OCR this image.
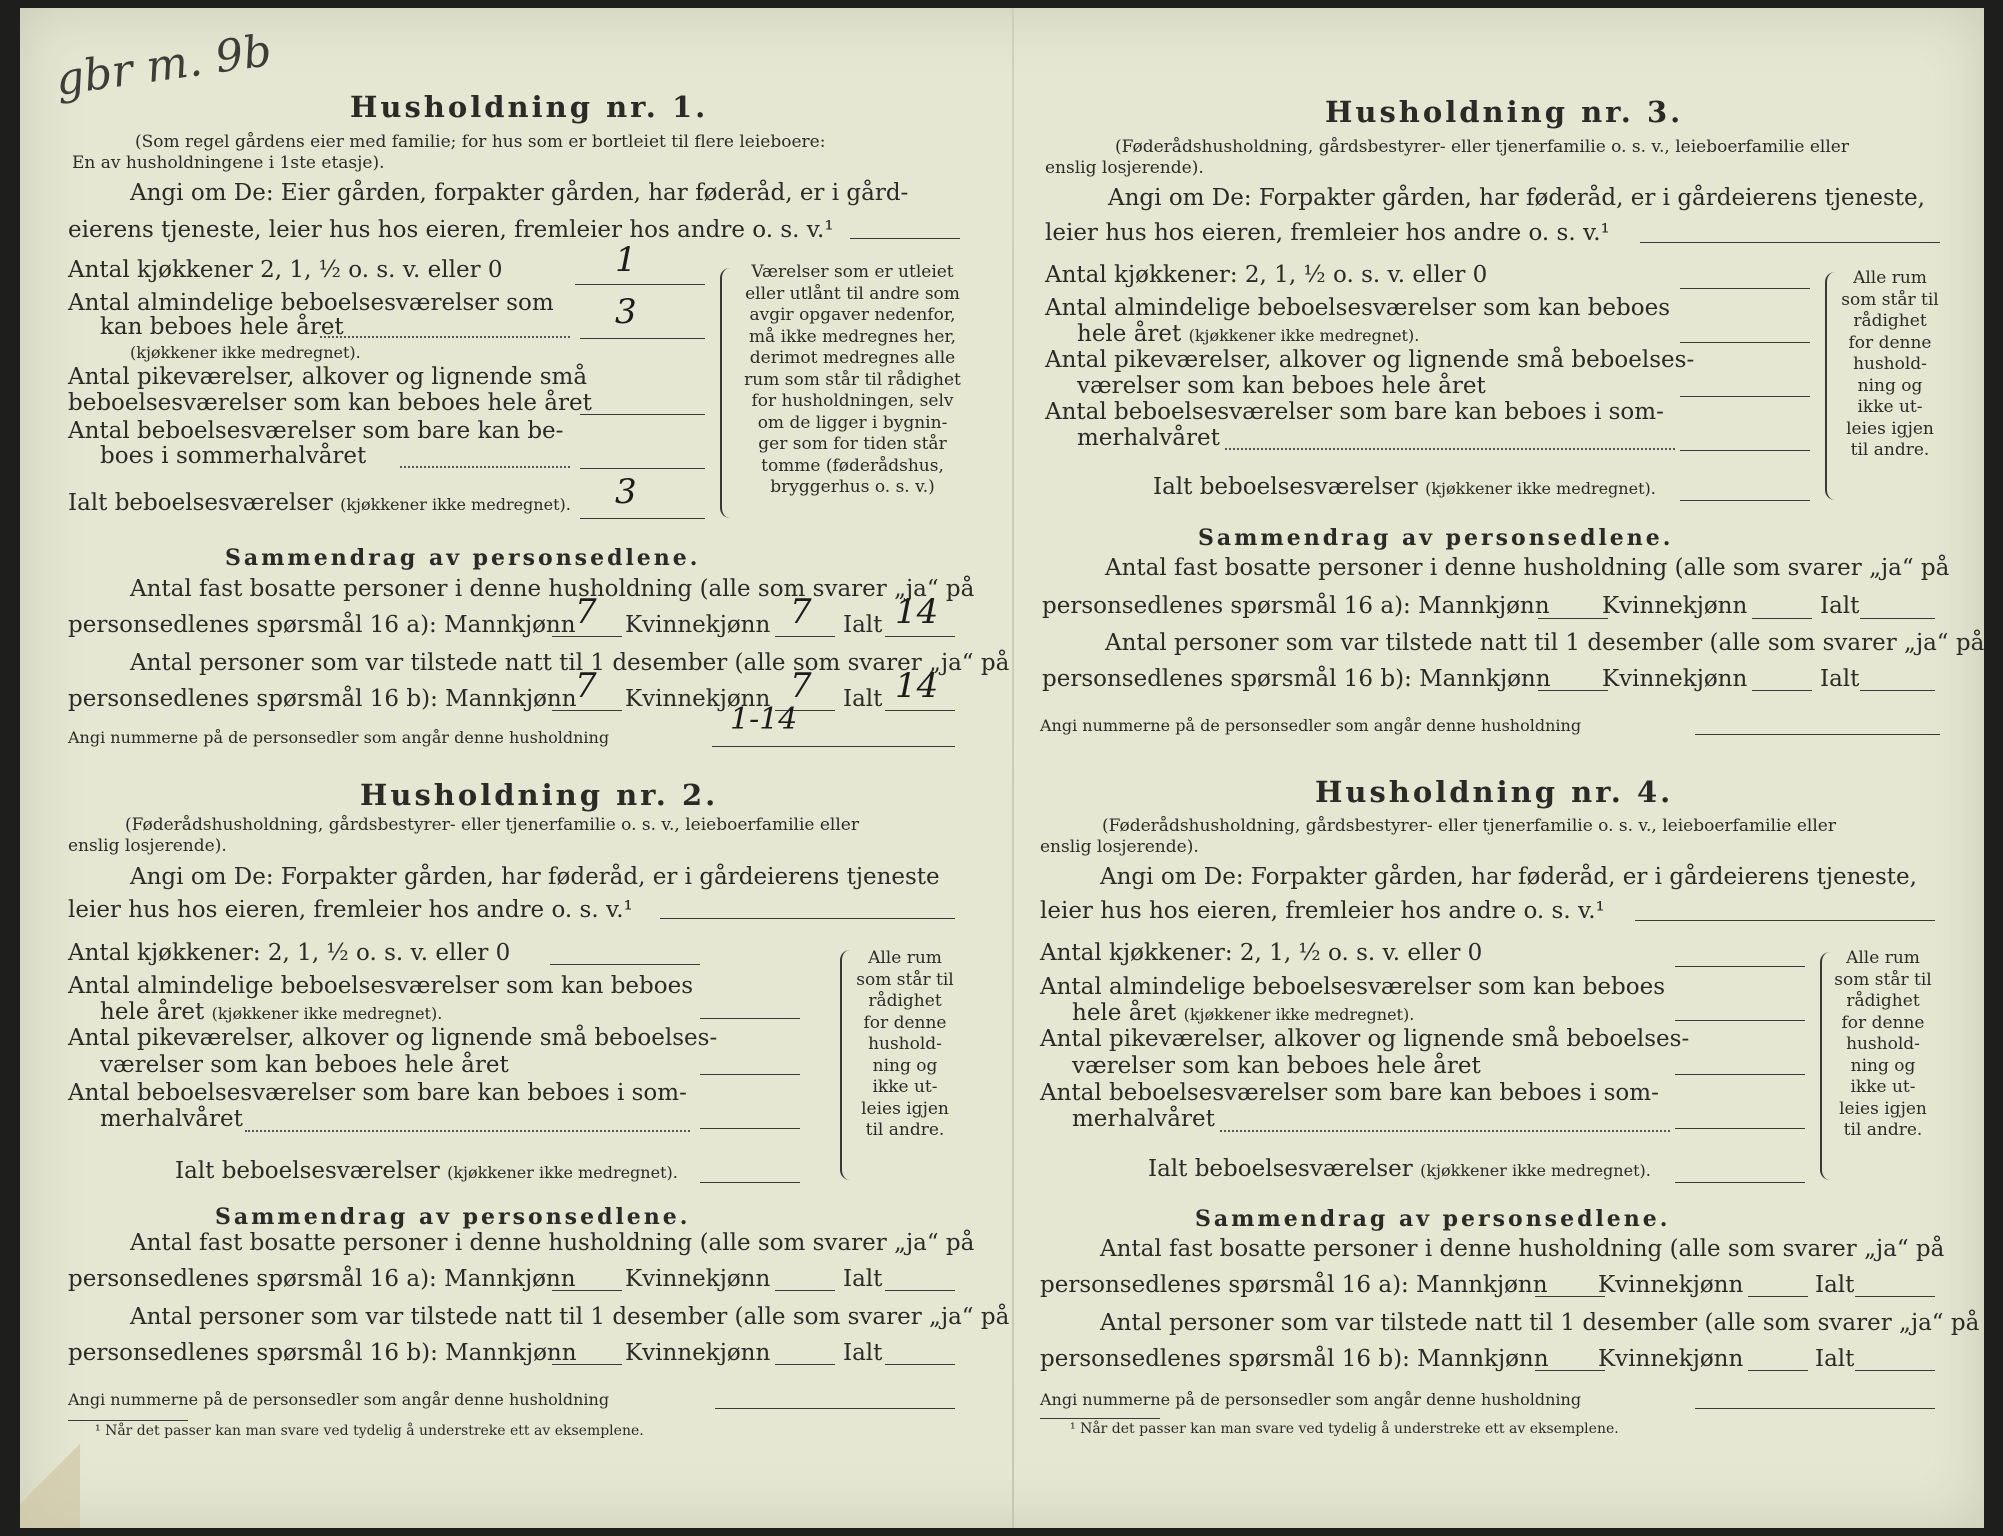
gbr m. 9b
Husholdning nr. 1.
(Som regel gårdens eier med familie; for hus som er bortleiet til flere leieboere:
En av husholdningene i 1ste etasje).
Angi om De: Eier gården, forpakter gården, har føderåd, er i gård-
eierens tjeneste, leier hus hos eieren, fremleier hos andre o. s. v.¹
Antal kjøkkener 2, 1, ½ o. s. v. eller 0	1
Antal almindelige beboelsesværelser som
kan beboes hele året	3
(kjøkkener ikke medregnet).
Antal pikeværelser, alkover og lignende små
beboelsesværelser som kan beboes hele året
Antal beboelsesværelser som bare kan be-
boes i sommerhalvåret
Ialt beboelsesværelser (kjøkkener ikke medregnet). 3
Værelser som er utleiet
eller utlånt til andre som
avgir opgaver nedenfor,
må ikke medregnes her,
derimot medregnes alle
rum som står til rådighet
for husholdningen, selv
om de ligger i bygnin-
ger som for tiden står
tomme (føderådshus,
bryggerhus o. s. v.)
Sammendrag av personsedlene.
Antal fast bosatte personer i denne husholdning (alle som svarer „ja“ på
personsedlenes spørsmål 16 a): Mannkjønn 7 Kvinnekjønn 7 Ialt 14
Antal personer som var tilstede natt til 1 desember (alle som svarer „ja“ på
personsedlenes spørsmål 16 b): Mannkjønn
7 Kvinnekjønn 7 Ialt 14
Angi nummerne på de personsedler som angår denne husholdning
1-14
Husholdning nr. 2.
(Føderådshusholdning, gårdsbestyrer- eller tjenerfamilie o. s. v., leieboerfamilie eller
enslig losjerende).
Angi om De: Forpakter gården, har føderåd, er i gårdeierens tjeneste
leier hus hos eieren, fremleier hos andre o. s. v.¹
Antal kjøkkener: 2, 1, ½ o. s. v. eller 0
Antal almindelige beboelsesværelser som kan beboes
hele året (kjøkkener ikke medregnet).
Antal pikeværelser, alkover og lignende små beboelses-
værelser som kan beboes hele året
Antal beboelsesværelser som bare kan beboes i som-
merhalvåret
Ialt beboelsesværelser (kjøkkener ikke medregnet).
Alle rum
som står til
rådighet
for denne
hushold-
ning og
ikke ut-
leies igjen
til andre.
Sammendrag av personsedlene.
Antal fast bosatte personer i denne husholdning (alle som svarer „ja“ på
personsedlenes spørsmål 16 a): Mannkjønn Kvinnekjønn	Ialt
Antal personer som var tilstede natt til 1 desember (alle som svarer „ja“ på
personsedlenes spørsmål 16 b): Mannkjønn Kvinnekjønn	Ialt
Angi nummerne på de personsedler som angår denne husholdning
¹ Når det passer kan man svare ved tydelig å understreke ett av eksemplene.
Husholdning nr. 3.
(Føderådshusholdning, gårdsbestyrer- eller tjenerfamilie o. s. v., leieboerfamilie eller
enslig losjerende).
Angi om De: Forpakter gården, har føderåd, er i gårdeierens tjeneste,
leier hus hos eieren, fremleier hos andre o. s. v.¹
Antal kjøkkener: 2, 1, ½ o. s. v. eller 0
Antal almindelige beboelsesværelser som kan beboes
hele året (kjøkkener ikke medregnet).
Antal pikeværelser, alkover og lignende små beboelses-
værelser som kan beboes hele året
Antal beboelsesværelser som bare kan beboes i som-
merhalvåret
Ialt beboelsesværelser (kjøkkener ikke medregnet).
Alle rum
som står til
rådighet
for denne
hushold-
ning og
ikke ut-
leies igjen
til andre.
Sammendrag av personsedlene.
Antal fast bosatte personer i denne husholdning (alle som svarer „ja“ på
personsedlenes spørsmål 16 a): Mannkjønn Kvinnekjønn	Ialt
Antal personer som var tilstede natt til 1 desember (alle som svarer „ja“ på
personsedlenes spørsmål 16 b): Mannkjønn Kvinnekjønn	Ialt
Angi nummerne på de personsedler som angår denne husholdning
Husholdning nr. 4.
(Føderådshusholdning, gårdsbestyrer- eller tjenerfamilie o. s. v., leieboerfamilie eller
enslig losjerende).
Angi om De: Forpakter gården, har føderåd, er i gårdeierens tjeneste,
leier hus hos eieren, fremleier hos andre o. s. v.¹
Antal kjøkkener: 2, 1, ½ o. s. v. eller 0
Antal almindelige beboelsesværelser som kan beboes
hele året (kjøkkener ikke medregnet).
Antal pikeværelser, alkover og lignende små beboelses-
værelser som kan beboes hele året
Antal beboelsesværelser som bare kan beboes i som-
merhalvåret
Ialt beboelsesværelser (kjøkkener ikke medregnet).
Alle rum
som står til
rådighet
for denne
hushold-
ning og
ikke ut-
leies igjen
til andre.
Sammendrag av personsedlene.
Antal fast bosatte personer i denne husholdning (alle som svarer „ja“ på
personsedlenes spørsmål 16 a): Mannkjønn Kvinnekjønn	Ialt
Antal personer som var tilstede natt til 1 desember (alle som svarer „ja“ på
personsedlenes spørsmål 16 b): Mannkjønn Kvinnekjønn	Ialt
Angi nummerne på de personsedler som angår denne husholdning
¹ Når det passer kan man svare ved tydelig å understreke ett av eksemplene.
